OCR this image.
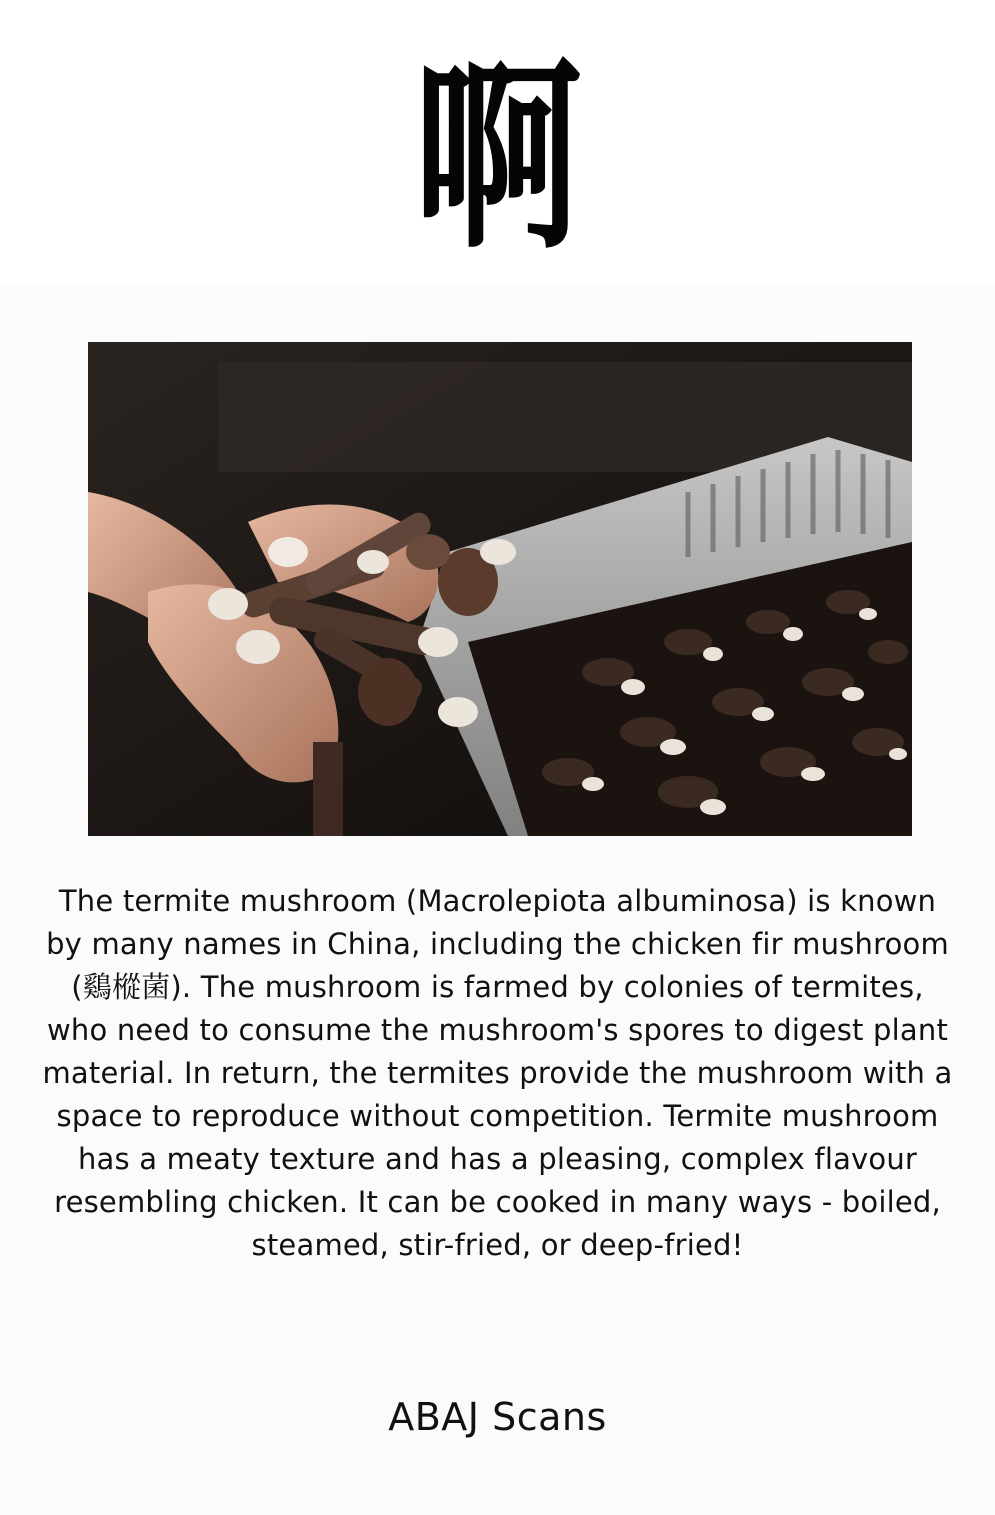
啊
The termite mushroom (Macrolepiota albuminosa) is known by many names in China, including the chicken fir mushroom (鷄樅菌). The mushroom is farmed by colonies of termites, who need to consume the mushroom's spores to digest plant material. In return, the termites provide the mushroom with a space to reproduce without competition. Termite mushroom has a meaty texture and has a pleasing, complex flavour resembling chicken. It can be cooked in many ways - boiled, steamed, stir-fried, or deep-fried!
ABAJ Scans
